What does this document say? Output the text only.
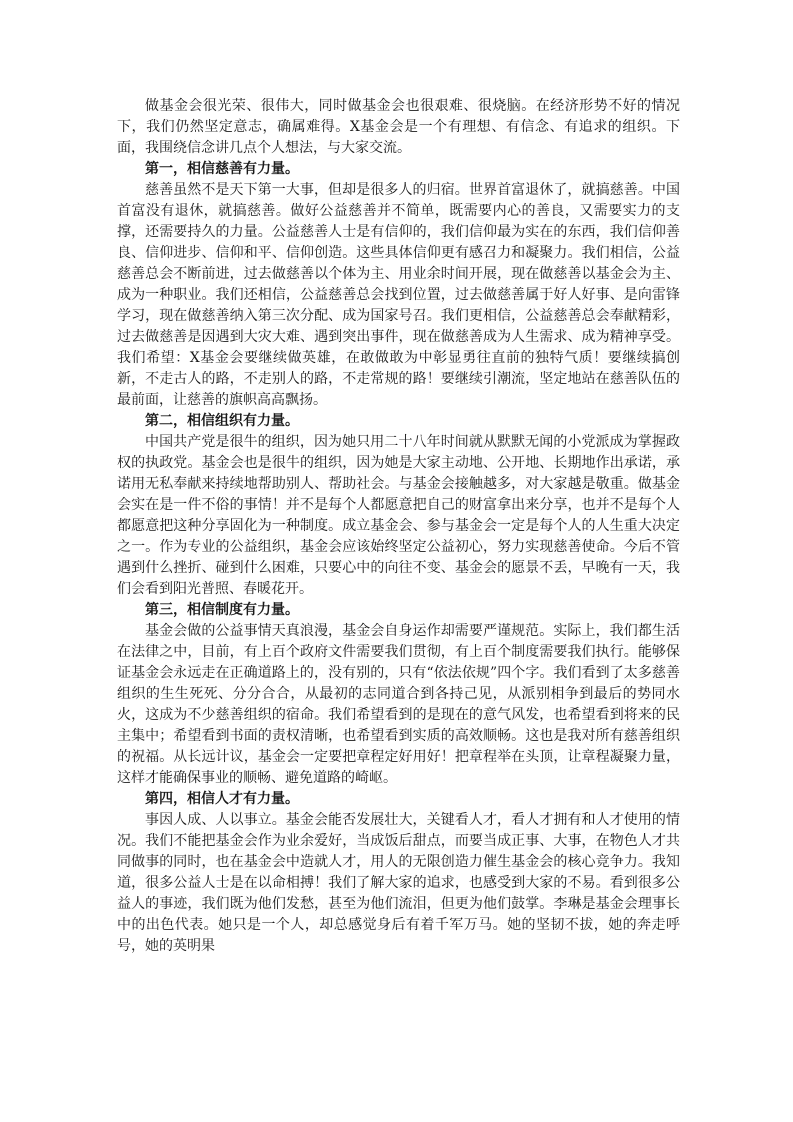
做基金会很光荣、很伟大，同时做基金会也很艰难、很烧脑。在经济形势不好的情况下，我们仍然坚定意志，确属难得。X基金会是一个有理想、有信念、有追求的组织。下面，我围绕信念讲几点个人想法，与大家交流。

第一，相信慈善有力量。

慈善虽然不是天下第一大事，但却是很多人的归宿。世界首富退休了，就搞慈善。中国首富没有退休，就搞慈善。做好公益慈善并不简单，既需要内心的善良，又需要实力的支撑，还需要持久的力量。公益慈善人士是有信仰的，我们信仰最为实在的东西，我们信仰善良、信仰进步、信仰和平、信仰创造。这些具体信仰更有感召力和凝聚力。我们相信，公益慈善总会不断前进，过去做慈善以个体为主、用业余时间开展，现在做慈善以基金会为主、成为一种职业。我们还相信，公益慈善总会找到位置，过去做慈善属于好人好事、是向雷锋学习，现在做慈善纳入第三次分配、成为国家号召。我们更相信，公益慈善总会奉献精彩，过去做慈善是因遇到大灾大难、遇到突出事件，现在做慈善成为人生需求、成为精神享受。我们希望：X基金会要继续做英雄，在敢做敢为中彰显勇往直前的独特气质！要继续搞创新，不走古人的路，不走别人的路，不走常规的路！要继续引潮流，坚定地站在慈善队伍的最前面，让慈善的旗帜高高飘扬。

第二，相信组织有力量。

中国共产党是很牛的组织，因为她只用二十八年时间就从默默无闻的小党派成为掌握政权的执政党。基金会也是很牛的组织，因为她是大家主动地、公开地、长期地作出承诺，承诺用无私奉献来持续地帮助别人、帮助社会。与基金会接触越多，对大家越是敬重。做基金会实在是一件不俗的事情！并不是每个人都愿意把自己的财富拿出来分享，也并不是每个人都愿意把这种分享固化为一种制度。成立基金会、参与基金会一定是每个人的人生重大决定之一。作为专业的公益组织，基金会应该始终坚定公益初心，努力实现慈善使命。今后不管遇到什么挫折、碰到什么困难，只要心中的向往不变、基金会的愿景不丢，早晚有一天，我们会看到阳光普照、春暖花开。

第三，相信制度有力量。

基金会做的公益事情天真浪漫，基金会自身运作却需要严谨规范。实际上，我们都生活在法律之中，目前，有上百个政府文件需要我们贯彻，有上百个制度需要我们执行。能够保证基金会永远走在正确道路上的，没有别的，只有“依法依规”四个字。我们看到了太多慈善组织的生生死死、分分合合，从最初的志同道合到各持己见，从派别相争到最后的势同水火，这成为不少慈善组织的宿命。我们希望看到的是现在的意气风发，也希望看到将来的民主集中；希望看到书面的责权清晰，也希望看到实质的高效顺畅。这也是我对所有慈善组织的祝福。从长远计议，基金会一定要把章程定好用好！把章程举在头顶，让章程凝聚力量，这样才能确保事业的顺畅、避免道路的崎岖。

第四，相信人才有力量。

事因人成、人以事立。基金会能否发展壮大，关键看人才，看人才拥有和人才使用的情况。我们不能把基金会作为业余爱好，当成饭后甜点，而要当成正事、大事，在物色人才共同做事的同时，也在基金会中造就人才，用人的无限创造力催生基金会的核心竞争力。我知道，很多公益人士是在以命相搏！我们了解大家的追求，也感受到大家的不易。看到很多公益人的事迹，我们既为他们发愁，甚至为他们流泪，但更为他们鼓掌。李琳是基金会理事长中的出色代表。她只是一个人，却总感觉身后有着千军万马。她的坚韧不拔，她的奔走呼号，她的英明果
